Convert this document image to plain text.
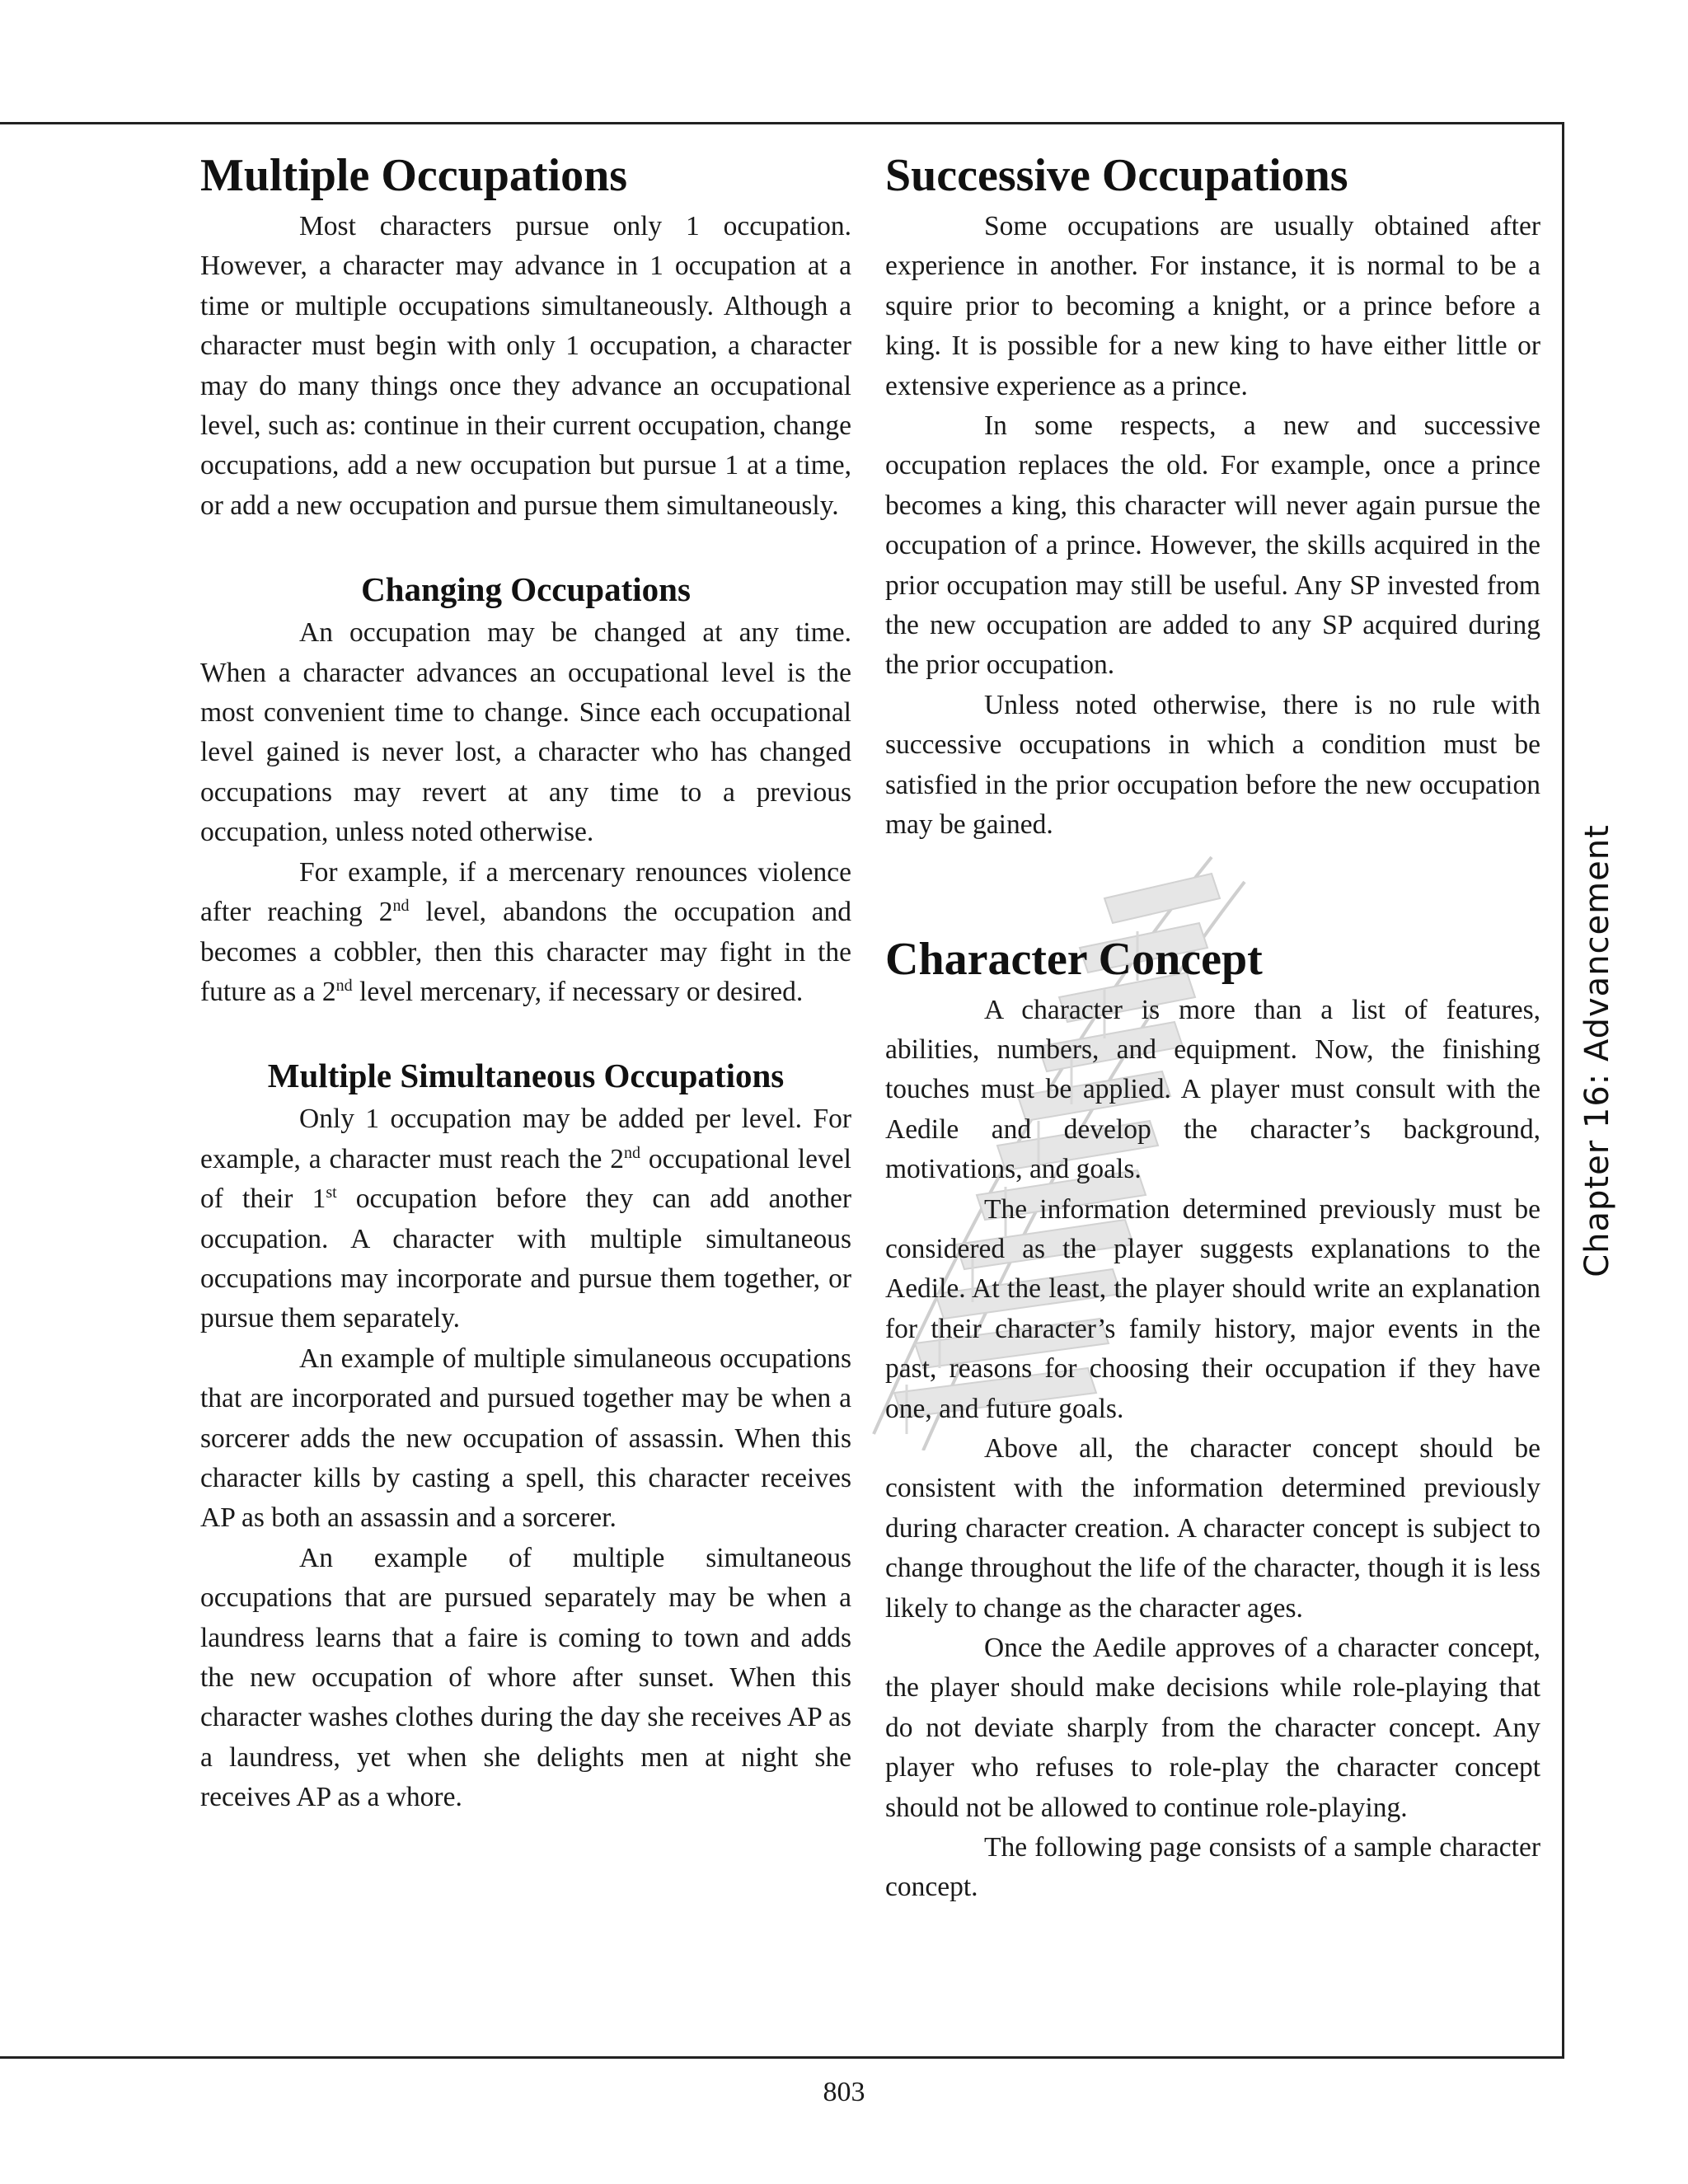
Multiple Occupations

Most characters pursue only 1 occupation. However, a character may advance in 1 occupation at a time or multiple occupations simultaneously. Although a character must begin with only 1 occupation, a character may do many things once they advance an occupational level, such as: continue in their current occupation, change occupations, add a new occupation but pursue 1 at a time, or add a new occupation and pursue them simultaneously.

Changing Occupations

An occupation may be changed at any time. When a character advances an occupational level is the most convenient time to change. Since each occupational level gained is never lost, a character who has changed occupations may revert at any time to a previous occupation, unless noted otherwise.

For example, if a mercenary renounces violence after reaching 2nd level, abandons the occupation and becomes a cobbler, then this character may fight in the future as a 2nd level mercenary, if necessary or desired.

Multiple Simultaneous Occupations

Only 1 occupation may be added per level. For example, a character must reach the 2nd occupational level of their 1st occupation before they can add another occupation. A character with multiple simultaneous occupations may incorporate and pursue them together, or pursue them separately.

An example of multiple simulaneous occupations that are incorporated and pursued together may be when a sorcerer adds the new occupation of assassin. When this character kills by casting a spell, this character receives AP as both an assassin and a sorcerer.

An example of multiple simultaneous occupations that are pursued separately may be when a laundress learns that a faire is coming to town and adds the new occupation of whore after sunset. When this character washes clothes during the day she receives AP as a laundress, yet when she delights men at night she receives AP as a whore.

Successive Occupations

Some occupations are usually obtained after experience in another. For instance, it is normal to be a squire prior to becoming a knight, or a prince before a king. It is possible for a new king to have either little or extensive experience as a prince.

In some respects, a new and successive occupation replaces the old. For example, once a prince becomes a king, this character will never again pursue the occupation of a prince. However, the skills acquired in the prior occupation may still be useful. Any SP invested from the new occupation are added to any SP acquired during the prior occupation.

Unless noted otherwise, there is no rule with successive occupations in which a condition must be satisfied in the prior occupation before the new occupation may be gained.

Character Concept

A character is more than a list of features, abilities, numbers, and equipment. Now, the finishing touches must be applied. A player must consult with the Aedile and develop the character’s background, motivations, and goals.

The information determined previously must be considered as the player suggests explanations to the Aedile. At the least, the player should write an explanation for their character’s family history, major events in the past, reasons for choosing their occupation if they have one, and future goals.

Above all, the character concept should be consistent with the information determined previously during character creation. A character concept is subject to change throughout the life of the character, though it is less likely to change as the character ages.

Once the Aedile approves of a character concept, the player should make decisions while role-playing that do not deviate sharply from the character concept. Any player who refuses to role-play the character concept should not be allowed to continue role-playing.

The following page consists of a sample character concept.

Chapter 16: Advancement
803
